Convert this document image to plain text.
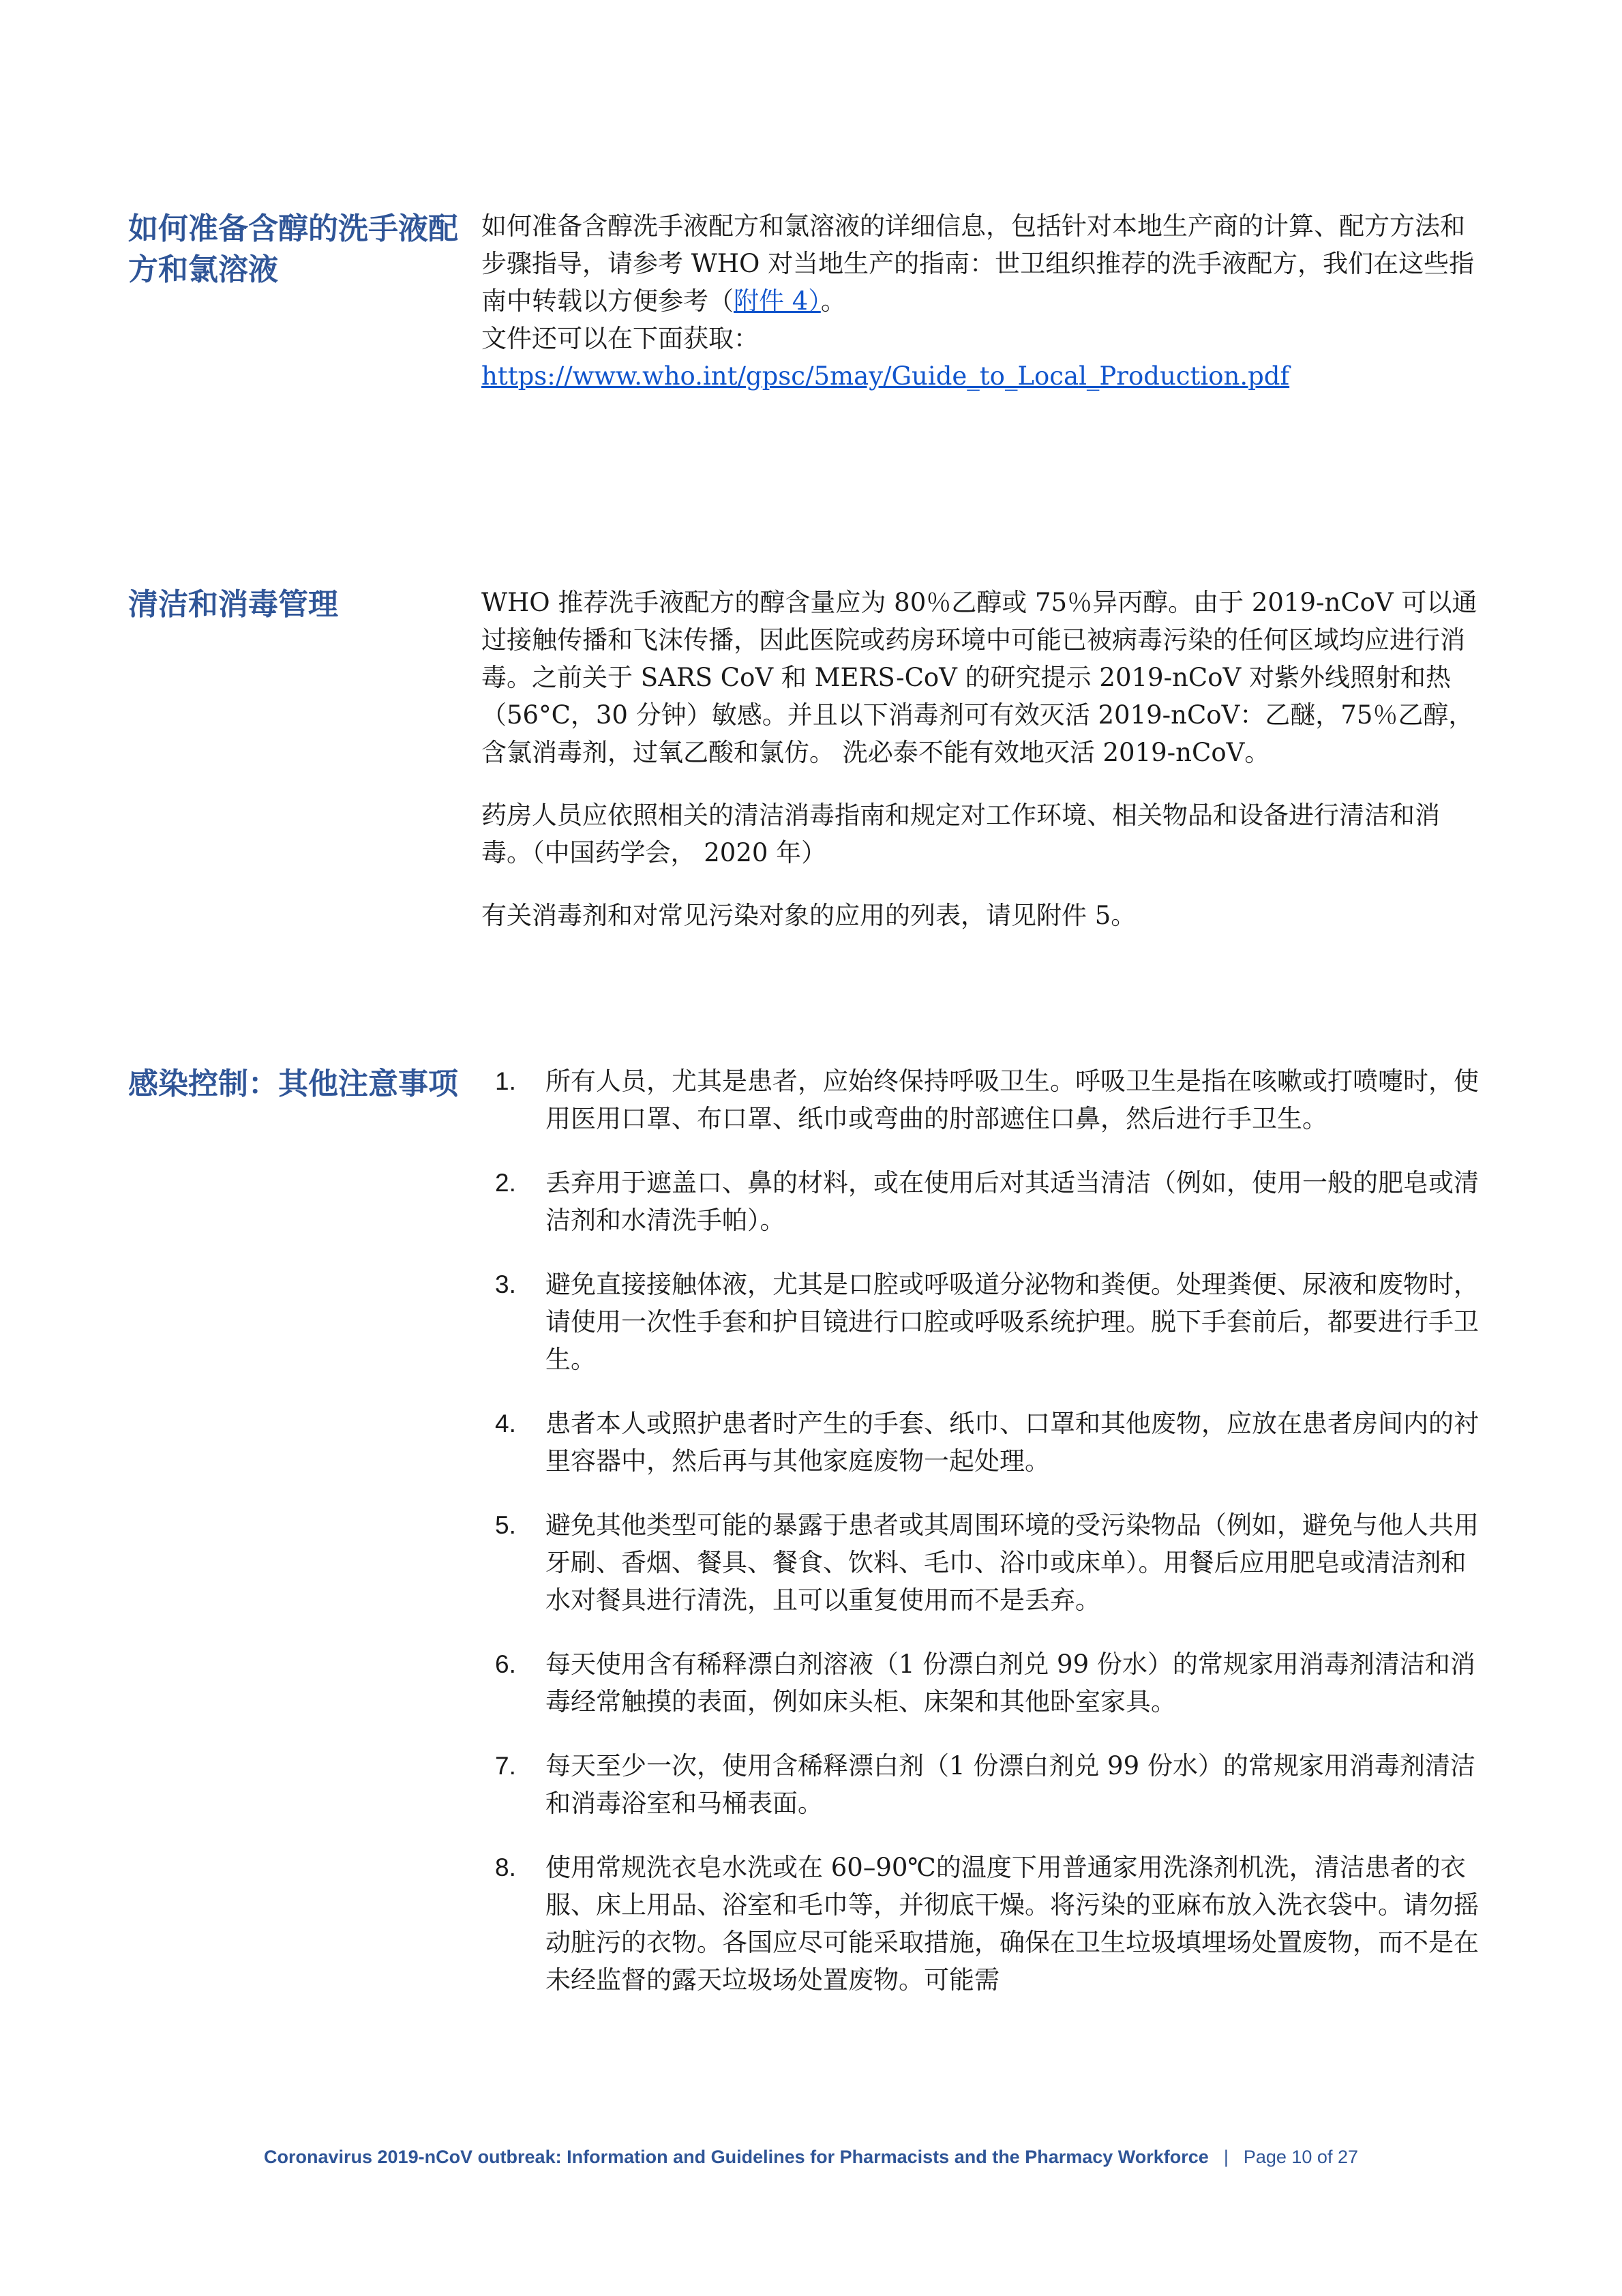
如何准备含醇的洗手液配方和氯溶液

如何准备含醇洗手液配方和氯溶液的详细信息，包括针对本地生产商的计算、配方方法和步骤指导，请参考 WHO 对当地生产的指南：世卫组织推荐的洗手液配方，我们在这些指南中转载以方便参考（附件 4）。

文件还可以在下面获取：

https://www.who.int/gpsc/5may/Guide_to_Local_Production.pdf

清洁和消毒管理	WHO 推荐洗手液配方的醇含量应为 80％乙醇或 75％异丙醇。由于 2019-nCoV 可以通过接触传播和飞沫传播，因此医院或药房环境中可能已被病毒污染的任何区域均应进行消毒。之前关于 SARS CoV 和 MERS-CoV 的研究提示 2019-nCoV 对紫外线照射和热（56°C，30 分钟）敏感。并且以下消毒剂可有效灭活 2019-nCoV：乙醚，75％乙醇，含氯消毒剂，过氧乙酸和氯仿。 洗必泰不能有效地灭活 2019-nCoV。

药房人员应依照相关的清洁消毒指南和规定对工作环境、相关物品和设备进行清洁和消毒。（中国药学会， 2020 年）

有关消毒剂和对常见污染对象的应用的列表，请见附件 5。

感染控制：其他注意事项	1. 所有人员，尤其是患者，应始终保持呼吸卫生。呼吸卫生是指在咳嗽或打喷嚏时，使用医用口罩、布口罩、纸巾或弯曲的肘部遮住口鼻，然后进行手卫生。
2. 丢弃用于遮盖口、鼻的材料，或在使用后对其适当清洁（例如，使用一般的肥皂或清洁剂和水清洗手帕）。
3. 避免直接接触体液，尤其是口腔或呼吸道分泌物和粪便。处理粪便、尿液和废物时，请使用一次性手套和护目镜进行口腔或呼吸系统护理。脱下手套前后，都要进行手卫生。
4. 患者本人或照护患者时产生的手套、纸巾、口罩和其他废物，应放在患者房间内的衬里容器中，然后再与其他家庭废物一起处理。
5. 避免其他类型可能的暴露于患者或其周围环境的受污染物品（例如，避免与他人共用牙刷、香烟、餐具、餐食、饮料、毛巾、浴巾或床单）。用餐后应用肥皂或清洁剂和水对餐具进行清洗，且可以重复使用而不是丢弃。
6. 每天使用含有稀释漂白剂溶液（1 份漂白剂兑 99 份水）的常规家用消毒剂清洁和消毒经常触摸的表面，例如床头柜、床架和其他卧室家具。
7. 每天至少一次，使用含稀释漂白剂（1 份漂白剂兑 99 份水）的常规家用消毒剂清洁和消毒浴室和马桶表面。
8. 使用常规洗衣皂水洗或在 60–90℃的温度下用普通家用洗涤剂机洗，清洁患者的衣服、床上用品、浴室和毛巾等，并彻底干燥。将污染的亚麻布放入洗衣袋中。请勿摇动脏污的衣物。各国应尽可能采取措施，确保在卫生垃圾填埋场处置废物，而不是在未经监督的露天垃圾场处置废物。可能需
Coronavirus 2019-nCoV outbreak: Information and Guidelines for Pharmacists and the Pharmacy Workforce | Page 10 of 27
